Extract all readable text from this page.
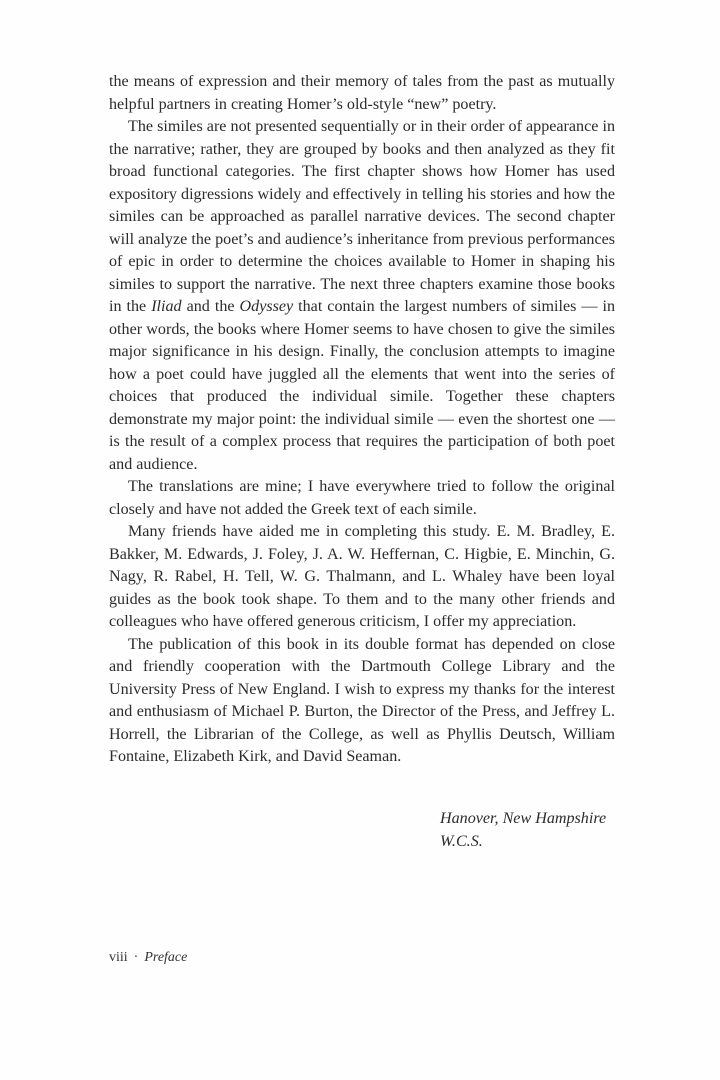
the means of expression and their memory of tales from the past as mutually helpful partners in creating Homer’s old-style “new” poetry.

The similes are not presented sequentially or in their order of appearance in the narrative; rather, they are grouped by books and then analyzed as they fit broad functional categories. The first chapter shows how Homer has used expository digressions widely and effectively in telling his stories and how the similes can be approached as parallel narrative devices. The second chapter will analyze the poet’s and audience’s inheritance from previous performances of epic in order to determine the choices available to Homer in shaping his similes to support the narrative. The next three chapters examine those books in the Iliad and the Odyssey that contain the largest numbers of similes — in other words, the books where Homer seems to have chosen to give the similes major significance in his design. Finally, the conclusion attempts to imagine how a poet could have juggled all the elements that went into the series of choices that produced the individual simile. Together these chapters demonstrate my major point: the individual simile — even the shortest one — is the result of a complex process that requires the participation of both poet and audience.

The translations are mine; I have everywhere tried to follow the original closely and have not added the Greek text of each simile.

Many friends have aided me in completing this study. E. M. Bradley, E. Bakker, M. Edwards, J. Foley, J. A. W. Heffernan, C. Higbie, E. Minchin, G. Nagy, R. Rabel, H. Tell, W. G. Thalmann, and L. Whaley have been loyal guides as the book took shape. To them and to the many other friends and colleagues who have offered generous criticism, I offer my appreciation.

The publication of this book in its double format has depended on close and friendly cooperation with the Dartmouth College Library and the University Press of New England. I wish to express my thanks for the interest and enthusiasm of Michael P. Burton, the Director of the Press, and Jeffrey L. Horrell, the Librarian of the College, as well as Phyllis Deutsch, William Fontaine, Elizabeth Kirk, and David Seaman.

Hanover, New Hampshire
W.C.S.
viii · Preface
